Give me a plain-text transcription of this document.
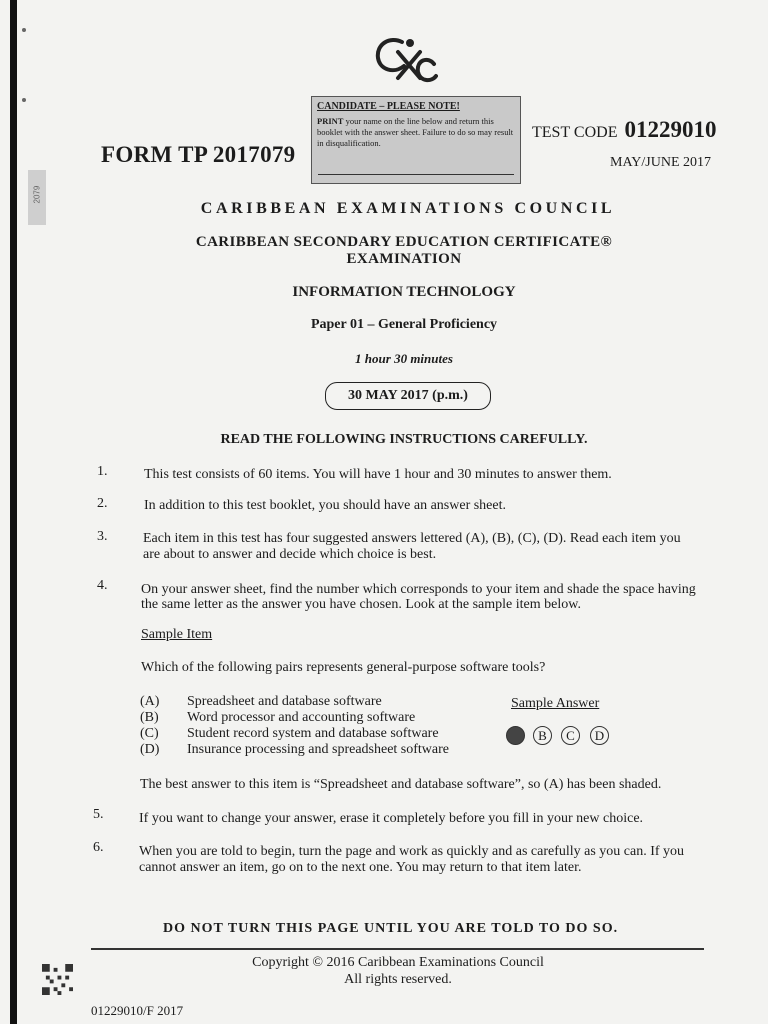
2079
CXC
FORM TP 2017079
CANDIDATE – PLEASE NOTE!
PRINT your name on the line below and return this booklet with the answer sheet. Failure to do so may result in disqualification.
TEST CODE 01229010
MAY/JUNE 2017
CARIBBEAN EXAMINATIONS COUNCIL
CARIBBEAN SECONDARY EDUCATION CERTIFICATE®
EXAMINATION
INFORMATION TECHNOLOGY
Paper 01 – General Proficiency
1 hour 30 minutes
30 MAY 2017 (p.m.)
READ THE FOLLOWING INSTRUCTIONS CAREFULLY.
1.	This test consists of 60 items. You will have 1 hour and 30 minutes to answer them.
2.	In addition to this test booklet, you should have an answer sheet.
3.	Each item in this test has four suggested answers lettered (A), (B), (C), (D). Read each item you
are about to answer and decide which choice is best.
4. On your answer sheet, find the number which corresponds to your item and shade the space having
the same letter as the answer you have chosen. Look at the sample item below.
Sample Item
Which of the following pairs represents general-purpose software tools?
(A) Spreadsheet and database software
(B) Word processor and accounting software
(C) Student record system and database software
(D) Insurance processing and spreadsheet software
Sample Answer
B	C	D
The best answer to this item is “Spreadsheet and database software”, so (A) has been shaded.
5.	If you want to change your answer, erase it completely before you fill in your new choice.
6.	When you are told to begin, turn the page and work as quickly and as carefully as you can. If you
cannot answer an item, go on to the next one. You may return to that item later.
DO NOT TURN THIS PAGE UNTIL YOU ARE TOLD TO DO SO.
Copyright © 2016 Caribbean Examinations Council
All rights reserved.
01229010/F 2017
